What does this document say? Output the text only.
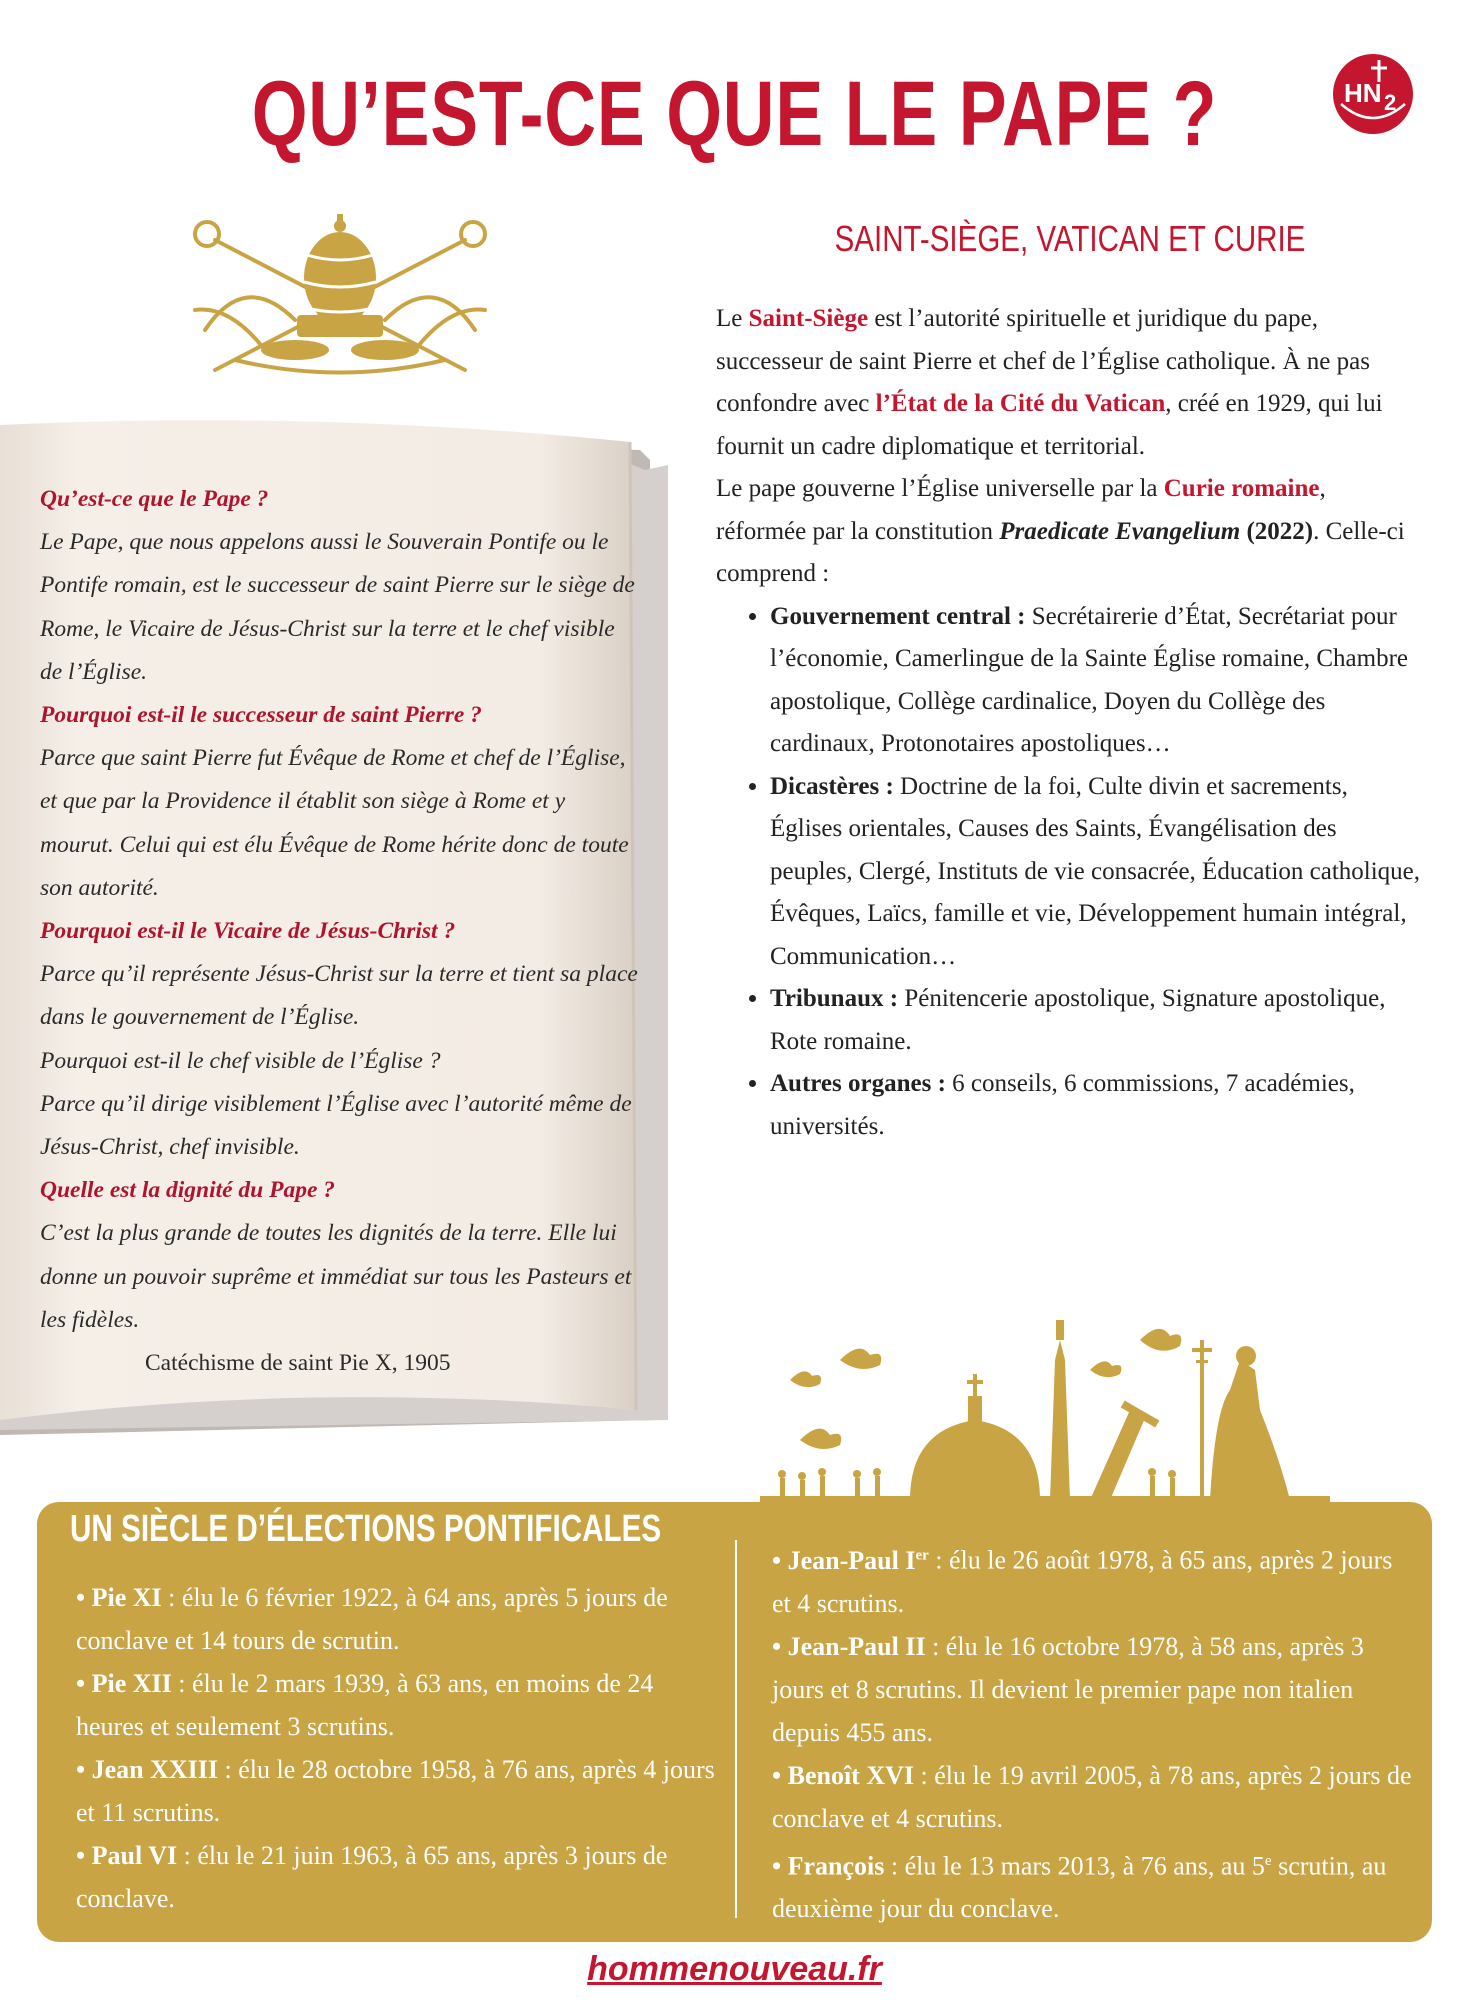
QU’EST-CE QUE LE PAPE ?	HN 2
Qu’est-ce que le Pape ?
Le Pape, que nous appelons aussi le Souverain Pontife ou le Pontife romain, est le successeur de saint Pierre sur le siège de Rome, le Vicaire de Jésus-Christ sur la terre et le chef visible de l’Église.
Pourquoi est-il le successeur de saint Pierre ?
Parce que saint Pierre fut Évêque de Rome et chef de l’Église, et que par la Providence il établit son siège à Rome et y mourut. Celui qui est élu Évêque de Rome hérite donc de toute son autorité.
Pourquoi est-il le Vicaire de Jésus-Christ ?
Parce qu’il représente Jésus-Christ sur la terre et tient sa place dans le gouvernement de l’Église.
Pourquoi est-il le chef visible de l’Église ?
Parce qu’il dirige visiblement l’Église avec l’autorité même de Jésus-Christ, chef invisible.
Quelle est la dignité du Pape ?
C’est la plus grande de toutes les dignités de la terre. Elle lui donne un pouvoir suprême et immédiat sur tous les Pasteurs et les fidèles.
Catéchisme de saint Pie X, 1905
SAINT-SIÈGE, VATICAN ET CURIE

Le Saint-Siège est l’autorité spirituelle et juridique du pape, successeur de saint Pierre et chef de l’Église catholique. À ne pas confondre avec l’État de la Cité du Vatican, créé en 1929, qui lui fournit un cadre diplomatique et territorial.

Le pape gouverne l’Église universelle par la Curie romaine, réformée par la constitution Praedicate Evangelium (2022). Celle-ci comprend :

• Gouvernement central : Secrétairerie d’État, Secrétariat pour l’économie, Camerlingue de la Sainte Église romaine, Chambre apostolique, Collège cardinalice, Doyen du Collège des cardinaux, Protonotaires apostoliques…
• Dicastères : Doctrine de la foi, Culte divin et sacrements, Églises orientales, Causes des Saints, Évangélisation des peuples, Clergé, Instituts de vie consacrée, Éducation catholique, Évêques, Laïcs, famille et vie, Développement humain intégral, Communication…
• Tribunaux : Pénitencerie apostolique, Signature apostolique, Rote romaine.
• Autres organes : 6 conseils, 6 commissions, 7 académies, universités.
UN SIÈCLE D’ÉLECTIONS PONTIFICALES

• Pie XI : élu le 6 février 1922, à 64 ans, après 5 jours de conclave et 14 tours de scrutin.

• Pie XII : élu le 2 mars 1939, à 63 ans, en moins de 24 heures et seulement 3 scrutins.

• Jean XXIII : élu le 28 octobre 1958, à 76 ans, après 4 jours et 11 scrutins.

• Paul VI : élu le 21 juin 1963, à 65 ans, après 3 jours de conclave.

• Jean-Paul Ier : élu le 26 août 1978, à 65 ans, après 2 jours et 4 scrutins.

• Jean-Paul II : élu le 16 octobre 1978, à 58 ans, après 3 jours et 8 scrutins. Il devient le premier pape non italien depuis 455 ans.

• Benoît XVI : élu le 19 avril 2005, à 78 ans, après 2 jours de conclave et 4 scrutins.

• François : élu le 13 mars 2013, à 76 ans, au 5e scrutin, au deuxième jour du conclave.

hommenouveau.fr
